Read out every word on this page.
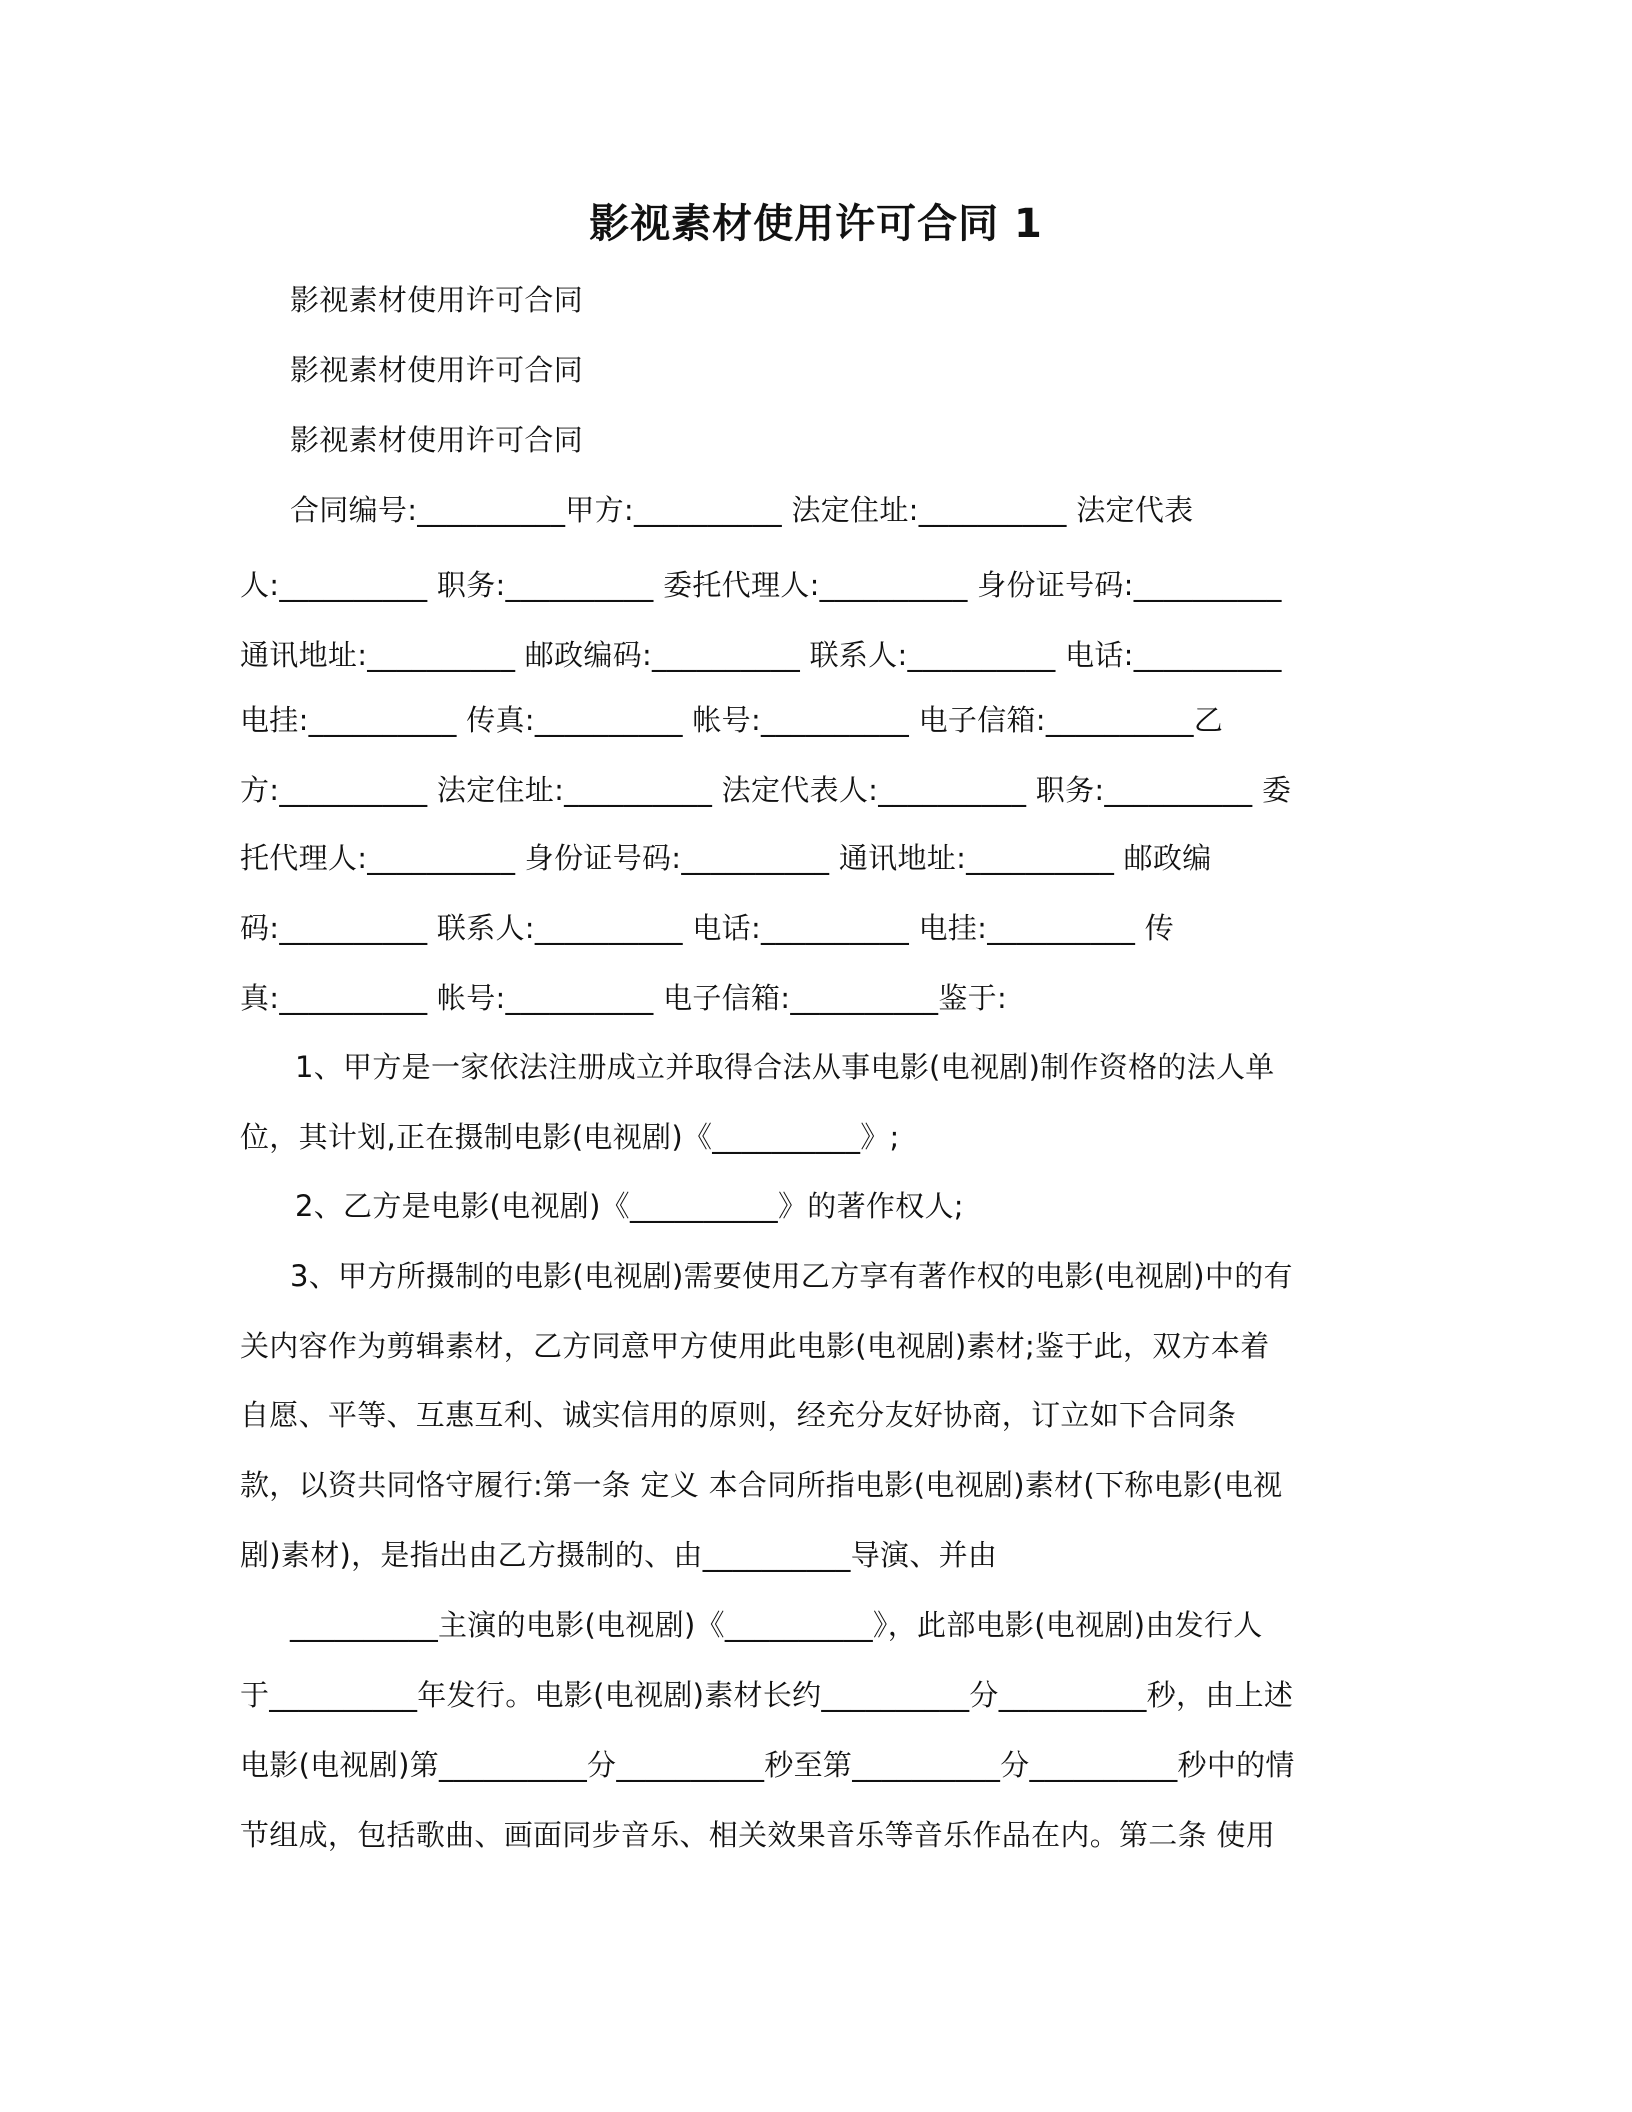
影视素材使用许可合同 1
影视素材使用许可合同
影视素材使用许可合同
影视素材使用许可合同
合同编号:__________甲方:__________ 法定住址:__________ 法定代表
人:__________ 职务:__________ 委托代理人:__________ 身份证号码:__________
通讯地址:__________ 邮政编码:__________ 联系人:__________ 电话:__________
电挂:__________ 传真:__________ 帐号:__________ 电子信箱:__________乙
方:__________ 法定住址:__________ 法定代表人:__________ 职务:__________ 委
托代理人:__________ 身份证号码:__________ 通讯地址:__________ 邮政编
码:__________ 联系人:__________ 电话:__________ 电挂:__________ 传
真:__________ 帐号:__________ 电子信箱:__________鉴于:
1、甲方是一家依法注册成立并取得合法从事电影(电视剧)制作资格的法人单
位，其计划,正在摄制电影(电视剧)《__________》;
2、乙方是电影(电视剧)《__________》的著作权人;
3、甲方所摄制的电影(电视剧)需要使用乙方享有著作权的电影(电视剧)中的有
关内容作为剪辑素材，乙方同意甲方使用此电影(电视剧)素材;鉴于此，双方本着
自愿、平等、互惠互利、诚实信用的原则，经充分友好协商，订立如下合同条
款，以资共同恪守履行:第一条 定义 本合同所指电影(电视剧)素材(下称电影(电视
剧)素材)，是指出由乙方摄制的、由__________导演、并由
__________主演的电影(电视剧)《__________》，此部电影(电视剧)由发行人
于__________年发行。电影(电视剧)素材长约__________分__________秒，由上述
电影(电视剧)第__________分__________秒至第__________分__________秒中的情
节组成，包括歌曲、画面同步音乐、相关效果音乐等音乐作品在内。第二条 使用
